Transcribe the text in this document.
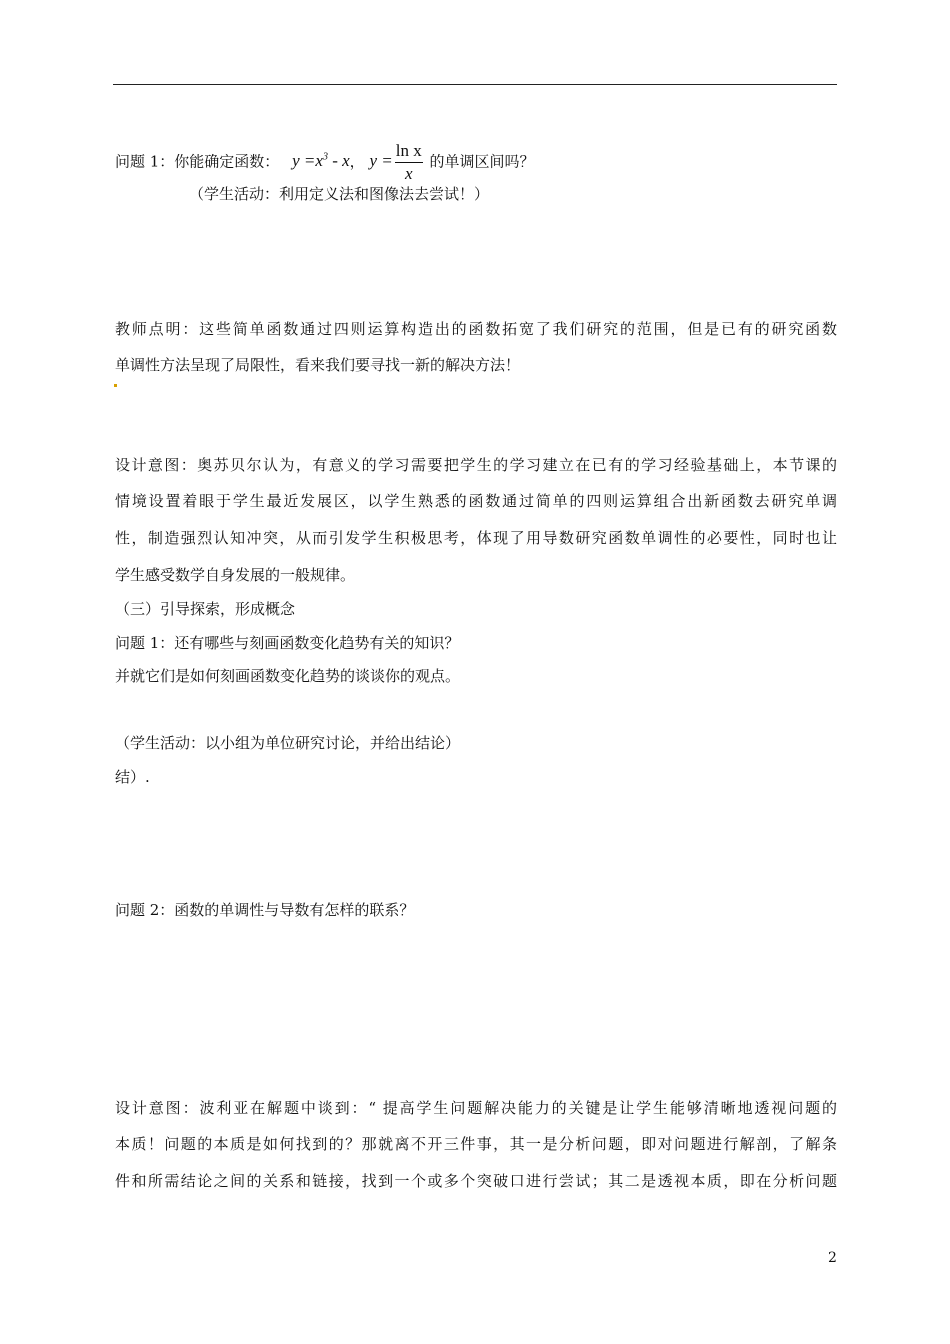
问题 1：你能确定函数： $y =x^3 - x$， $y = \frac{\text{ln x}}{x}$ 的单调区间吗？
（学生活动：利用定义法和图像法去尝试！）
教师点明：这些简单函数通过四则运算构造出的函数拓宽了我们研究的范围，但是已有的研究函数
单调性方法呈现了局限性，看来我们要寻找一新的解决方法！
设计意图：奥苏贝尔认为，有意义的学习需要把学生的学习建立在已有的学习经验基础上，本节课的
情境设置着眼于学生最近发展区，以学生熟悉的函数通过简单的四则运算组合出新函数去研究单调
性，制造强烈认知冲突，从而引发学生积极思考，体现了用导数研究函数单调性的必要性，同时也让
学生感受数学自身发展的一般规律。
（三）引导探索，形成概念
问题 1：还有哪些与刻画函数变化趋势有关的知识？
并就它们是如何刻画函数变化趋势的谈谈你的观点。
（学生活动：以小组为单位研究讨论，并给出结论）
结）.
问题 2：函数的单调性与导数有怎样的联系？
设计意图：波利亚在解题中谈到：“ 提高学生问题解决能力的关键是让学生能够清晰地透视问题的
本质！问题的本质是如何找到的？那就离不开三件事，其一是分析问题，即对问题进行解剖，了解条
件和所需结论之间的关系和链接，找到一个或多个突破口进行尝试；其二是透视本质，即在分析问题
2
